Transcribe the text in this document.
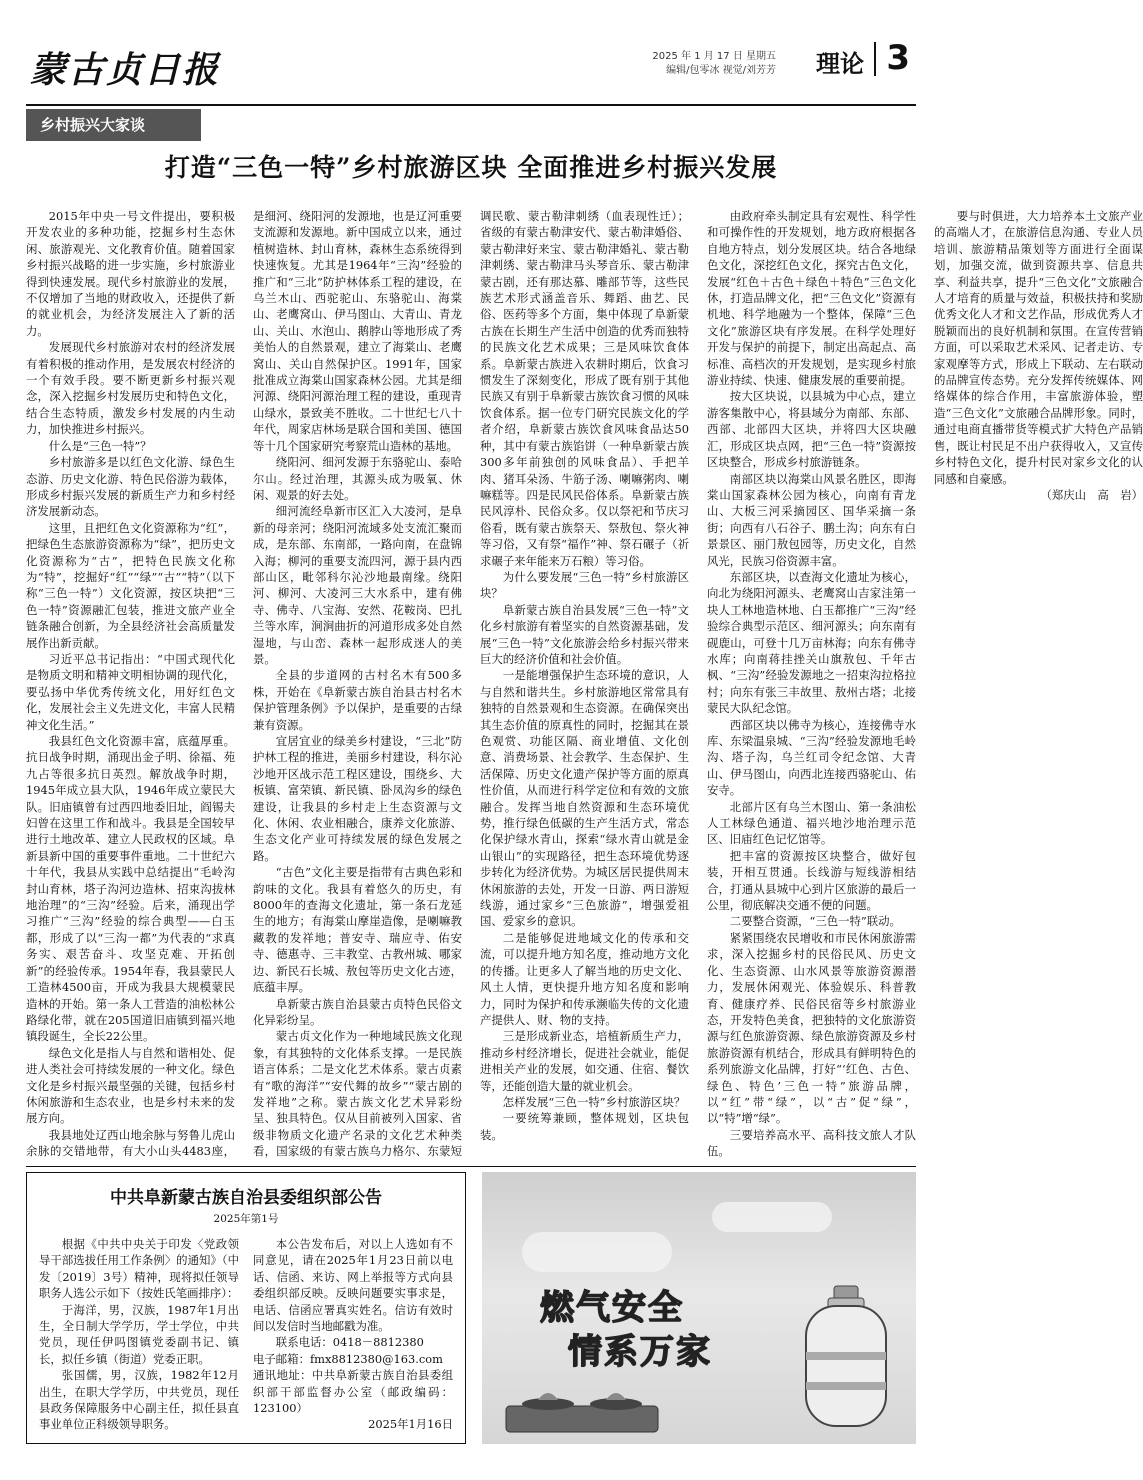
蒙古贞日报	2025 年 1 月 17 日 星期五
编辑/包零冰 视觉/刘芳芳 理论 3
乡村振兴大家谈
打造“三色一特”乡村旅游区块 全面推进乡村振兴发展

2015年中央一号文件提出，要积极开发农业的多种功能，挖掘乡村生态休闲、旅游观光、文化教育价值。随着国家乡村振兴战略的进一步实施，乡村旅游业得到快速发展。现代乡村旅游业的发展，不仅增加了当地的财政收入，还提供了新的就业机会，为经济发展注入了新的活力。

发展现代乡村旅游对农村的经济发展有着积极的推动作用，是发展农村经济的一个有效手段。要不断更新乡村振兴观念，深入挖掘乡村发展历史和特色文化，结合生态特质，激发乡村发展的内生动力，加快推进乡村振兴。

什么是“三色一特”？

乡村旅游多是以红色文化游、绿色生态游、历史文化游、特色民俗游为载体，形成乡村振兴发展的新质生产力和乡村经济发展新动态。

这里，且把红色文化资源称为“红”，把绿色生态旅游资源称为“绿”，把历史文化资源称为“古”，把特色民族文化称为“特”，挖掘好“红”“绿”“古”“特”（以下称“三色一特”）文化资源，按区块把“三色一特”资源融汇包装，推进文旅产业全链条融合创新，为全县经济社会高质量发展作出新贡献。

习近平总书记指出：“中国式现代化是物质文明和精神文明相协调的现代化，要弘扬中华优秀传统文化，用好红色文化，发展社会主义先进文化，丰富人民精神文化生活。”

我县红色文化资源丰富，底蕴厚重。抗日战争时期，涌现出金子明、徐福、苑九占等很多抗日英烈。解放战争时期，1945年成立县大队，1946年成立蒙民大队。旧庙镇曾有过西四地委旧址，阎锡夫妇曾在这里工作和战斗。我县是全国较早进行土地改革、建立人民政权的区域。阜新县新中国的重要事件重地。二十世纪六十年代，我县从实践中总结提出“毛岭沟封山育林，塔子沟河边造林、招束沟拔林地治理”的“三沟”经验。后来，涌现出学习推广“三沟”经验的综合典型——白玉都，形成了以“三沟一都”为代表的“求真务实、艰苦奋斗、攻坚克难、开拓创新”的经验传承。1954年春，我县蒙民人工造林4500亩，开成为我县大规模蒙民造林的开始。第一条人工营造的油松林公路绿化带，就在205国道旧庙镇到福兴地镇段诞生，全长22公里。

绿色文化是指人与自然和谐相处、促进人类社会可持续发展的一种文化。绿色文化是乡村振兴最坚强的关键，包括乡村休闲旅游和生态农业，也是乡村未来的发展方向。

我县地处辽西山地余脉与努鲁儿虎山余脉的交错地带，有大小山头4483座，是细河、绕阳河的发源地，也是辽河重要支流源和发源地。新中国成立以来，通过植树造林、封山育林，森林生态系统得到快速恢复。尤其是1964年“三沟”经验的推广和“三北”防护林体系工程的建设，在乌兰木山、西驼驼山、东骆驼山、海棠山、老鹰窝山、伊马图山、大青山、青龙山、关山、水泡山、鹅脖山等地形成了秀美怡人的自然景观，建立了海棠山、老鹰窝山、关山自然保护区。1991年，国家批准成立海棠山国家森林公园。尤其是细河源、绕阳河源治理工程的建设，重现青山绿水，景致美不胜收。二十世纪七八十年代，周家店林场是联合国和美国、德国等十几个国家研究考察荒山造林的基地。

绕阳河、细河发源于东骆驼山、泰哈尔山。经过治理，其源头成为吸氧、休闲、观景的好去处。

细河流经阜新市区汇入大凌河，是阜新的母亲河；绕阳河流域多处支流汇聚而成，是东部、东南部，一路向南，在盘锦入海；柳河的重要支流四河，源于县内西部山区，毗邻科尔沁沙地最南缘。绕阳河、柳河、大凌河三大水系中，建有佛寺、佛寺、八宝海、安然、花鞍岗、巴扎兰等水库，涧涧曲折的河道形成多处自然湿地，与山峦、森林一起形成迷人的美景。

全县的步道网的古村名木有500多株，开始在《阜新蒙古族自治县古村名木保护管理条例》予以保护，是重要的古绿兼有资源。

宜居宜业的绿美乡村建设，“三北”防护林工程的推进，美丽乡村建设，科尔沁沙地开区战示范工程区建设，围绕乡、大板镇、富荣镇、新民镇、卧凤沟乡的绿色建设，让我县的乡村走上生态资源与文化、休闲、农业相融合，康养文化旅游、生态文化产业可持续发展的绿色发展之路。

“古色”文化主要是指带有古典色彩和韵味的文化。我县有着悠久的历史，有8000年的查海文化遗址，第一条石龙延生的地方；有海棠山摩崖造像，是喇嘛教藏教的发祥地；普安寺、瑞应寺、佑安寺、德惠寺、三丰教堂、古教州城、哪家边、新民石长城、敖包等历史文化古迹，底蕴丰厚。

阜新蒙古族自治县蒙古贞特色民俗文化异彩纷呈。

蒙古贞文化作为一种地域民族文化现象，有其独特的文化体系支撑。一是民族语言体系；二是文化艺术体系。蒙古贞素有“歌的海洋”“安代舞的故乡”“蒙古剧的发祥地”之称。蒙古族文化艺术异彩纷呈、独具特色。仅从目前被列入国家、省级非物质文化遗产名录的文化艺术种类看，国家级的有蒙古族乌力格尔、东蒙短调民歌、蒙古勒津刺绣（血表现性迁）；省级的有蒙古勒津安代、蒙古勒津婚俗、蒙古勒津好来宝、蒙古勒津婚礼、蒙古勒津刺绣、蒙古勒津马头琴音乐、蒙古勒津蒙古剧，还有那达慕、雕部节等，这些民族艺术形式涵盖音乐、舞蹈、曲艺、民俗、医药等多个方面，集中体现了阜新蒙古族在长期生产生活中创造的优秀而独特的民族文化艺术成果；三是风味饮食体系。阜新蒙古族进入农耕时期后，饮食习惯发生了深刻变化，形成了既有别于其他民族又有别于阜新蒙古族饮食习惯的风味饮食体系。据一位专门研究民族文化的学者介绍，阜新蒙古族饮食风味食品达50种，其中有蒙古族馅饼（一种阜新蒙古族300多年前独创的风味食品）、手把羊肉、猪耳朵汤、牛筋子汤、喇嘛粥肉、喇嘛糕等。四是民风民俗体系。阜新蒙古族民风淳朴、民俗众多。仅以祭祀和节庆习俗看，既有蒙古族祭天、祭敖包、祭火神等习俗，又有祭“福作”神、祭石碾子（祈求碾子来年能来万石粮）等习俗。

为什么要发展“三色一特”乡村旅游区块？

阜新蒙古族自治县发展“三色一特”文化乡村旅游有着坚实的自然资源基础，发展“三色一特”文化旅游会给乡村振兴带来巨大的经济价值和社会价值。

一是能增强保护生态环境的意识，人与自然和谐共生。乡村旅游地区常常具有独特的自然景观和生态资源。在确保突出其生态价值的原真性的同时，挖掘其在景色观赏、功能区隔、商业增值、文化创意、消费场景、社会教学、生态保护、生活保障、历史文化遗产保护等方面的原真性价值，从而进行科学定位和有效的文旅融合。发挥当地自然资源和生态环境优势，推行绿色低碳的生产生活方式，常态化保护绿水青山，探索“绿水青山就是金山银山”的实现路径，把生态环境优势逐步转化为经济优势。为城区居民提供周末休闲旅游的去处，开发一日游、两日游短线游，通过家乡“三色旅游”，增强爱祖国、爱家乡的意识。

二是能够促进地域文化的传承和交流，可以提升地方知名度，推动地方文化的传播。让更多人了解当地的历史文化、风土人情，更快提升地方知名度和影响力，同时为保护和传承濒临失传的文化遗产提供人、财、物的支持。

三是形成新业态，培植新质生产力，推动乡村经济增长，促进社会就业，能促进相关产业的发展，如交通、住宿、餐饮等，还能创造大量的就业机会。

怎样发展“三色一特”乡村旅游区块？

一要统筹兼顾，整体规划，区块包装。

由政府牵头制定具有宏观性、科学性和可操作性的开发规划，地方政府根据各自地方特点，划分发展区块。结合各地绿色文化，深挖红色文化，探究古色文化，发展“红色＋古色＋绿色＋特色”三色文化休，打造品牌文化，把“三色文化”资源有机地、科学地融为一个整体，保障“三色文化”旅游区块有序发展。在科学处理好开发与保护的前提下，制定出高起点、高标准、高档次的开发规划，是实现乡村旅游业持续、快速、健康发展的重要前提。

按大区块说，以县城为中心点，建立游客集散中心，将县域分为南部、东部、西部、北部四大区块，并将四大区块融汇，形成区块点网，把“三色一特”资源按区块整合，形成乡村旅游链条。

南部区块以海棠山风景名胜区，即海棠山国家森林公园为核心，向南有青龙山、大板三河采摘园区、国华采摘一条街；向西有八石谷子、鹏土沟；向东有白景景区、丽门敖包园等，历史文化，自然风光，民族习俗资源丰富。

东部区块，以查海文化遗址为核心，向北为绕阳河源头、老鹰窝山吉家洼第一块人工林地造林地、白玉都推广“三沟”经验综合典型示范区、细河源头；向东南有砚鹿山，可登十几万亩林海；向东有佛寺水库；向南蒋挂挫关山旗敖包、千年古枫、“三沟”经验发源地之一招束沟拉格拉村；向东有张三丰故里、敖州古塔；北接蒙民大队纪念馆。

西部区块以佛寺为核心，连接佛寺水库、东梁温泉城、“三沟”经验发源地毛岭沟、塔子沟，乌兰红司令纪念馆、大青山、伊马图山，向西北连接西骆驼山、佑安寺。

北部片区有乌兰木图山、第一条油松人工林绿色通道、福兴地沙地治理示范区、旧庙红色记忆馆等。

把丰富的资源按区块整合，做好包装，开相互贯通。长线游与短线游相结合，打通从县城中心到片区旅游的最后一公里，彻底解决交通不便的问题。

二要整合资源，“三色一特”联动。

紧紧围绕农民增收和市民休闲旅游需求，深入挖掘乡村的民俗民风、历史文化、生态资源、山水风景等旅游资源潜力，发展休闲观光、体验娱乐、科普教育、健康疗养、民俗民宿等乡村旅游业态，开发特色美食，把独特的文化旅游资源与红色旅游资源、绿色旅游资源及乡村旅游资源有机结合，形成具有鲜明特色的系列旅游文化品牌，打好“‘红色、古色、绿色、特色’三色一特”旅游品牌，以“红”带“绿”，以“古”促“绿”，以“特”增“绿”。

三要培养高水平、高科技文旅人才队伍。

要与时俱进，大力培养本土文旅产业的高端人才，在旅游信息沟通、专业人员培训、旅游精品策划等方面进行全面谋划，加强交流，做到资源共享、信息共享、利益共享，提升“三色文化”文旅融合人才培育的质量与效益，积极扶持和奖励优秀文化人才和文艺作品，形成优秀人才脱颖而出的良好机制和氛围。在宣传营销方面，可以采取艺术采风、记者走访、专家观摩等方式，形成上下联动、左右联动的品牌宣传态势。充分发挥传统媒体、网络媒体的综合作用，丰富旅游体验，塑造“三色文化”文旅融合品牌形象。同时，通过电商直播带货等模式扩大特色产品销售，既让村民足不出户获得收入，又宣传乡村特色文化，提升村民对家乡文化的认同感和自豪感。

（郑庆山　高　岩）

中共阜新蒙古族自治县委组织部公告
2025年第1号

根据《中共中央关于印发〈党政领导干部选拔任用工作条例〉的通知》（中发〔2019〕3号）精神，现将拟任领导职务人选公示如下（按姓氏笔画排序）：

于海洋，男，汉族，1987年1月出生，全日制大学学历，学士学位，中共党员，现任伊吗图镇党委副书记、镇长，拟任乡镇（街道）党委正职。

张国儒，男，汉族，1982年12月出生，在职大学学历，中共党员，现任县政务保障服务中心副主任，拟任县直事业单位正科级领导职务。

本公告发布后，对以上人选如有不同意见，请在2025年1月23日前以电话、信函、来访、网上举报等方式向县委组织部反映。反映问题要实事求是，电话、信函应署真实姓名。信访有效时间以发信时当地邮戳为准。

联系电话：0418－8812380

电子邮箱：fmx8812380@163.com

通讯地址：中共阜新蒙古族自治县委组织部干部监督办公室（邮政编码：123100）

2025年1月16日

燃气安全
情系万家
